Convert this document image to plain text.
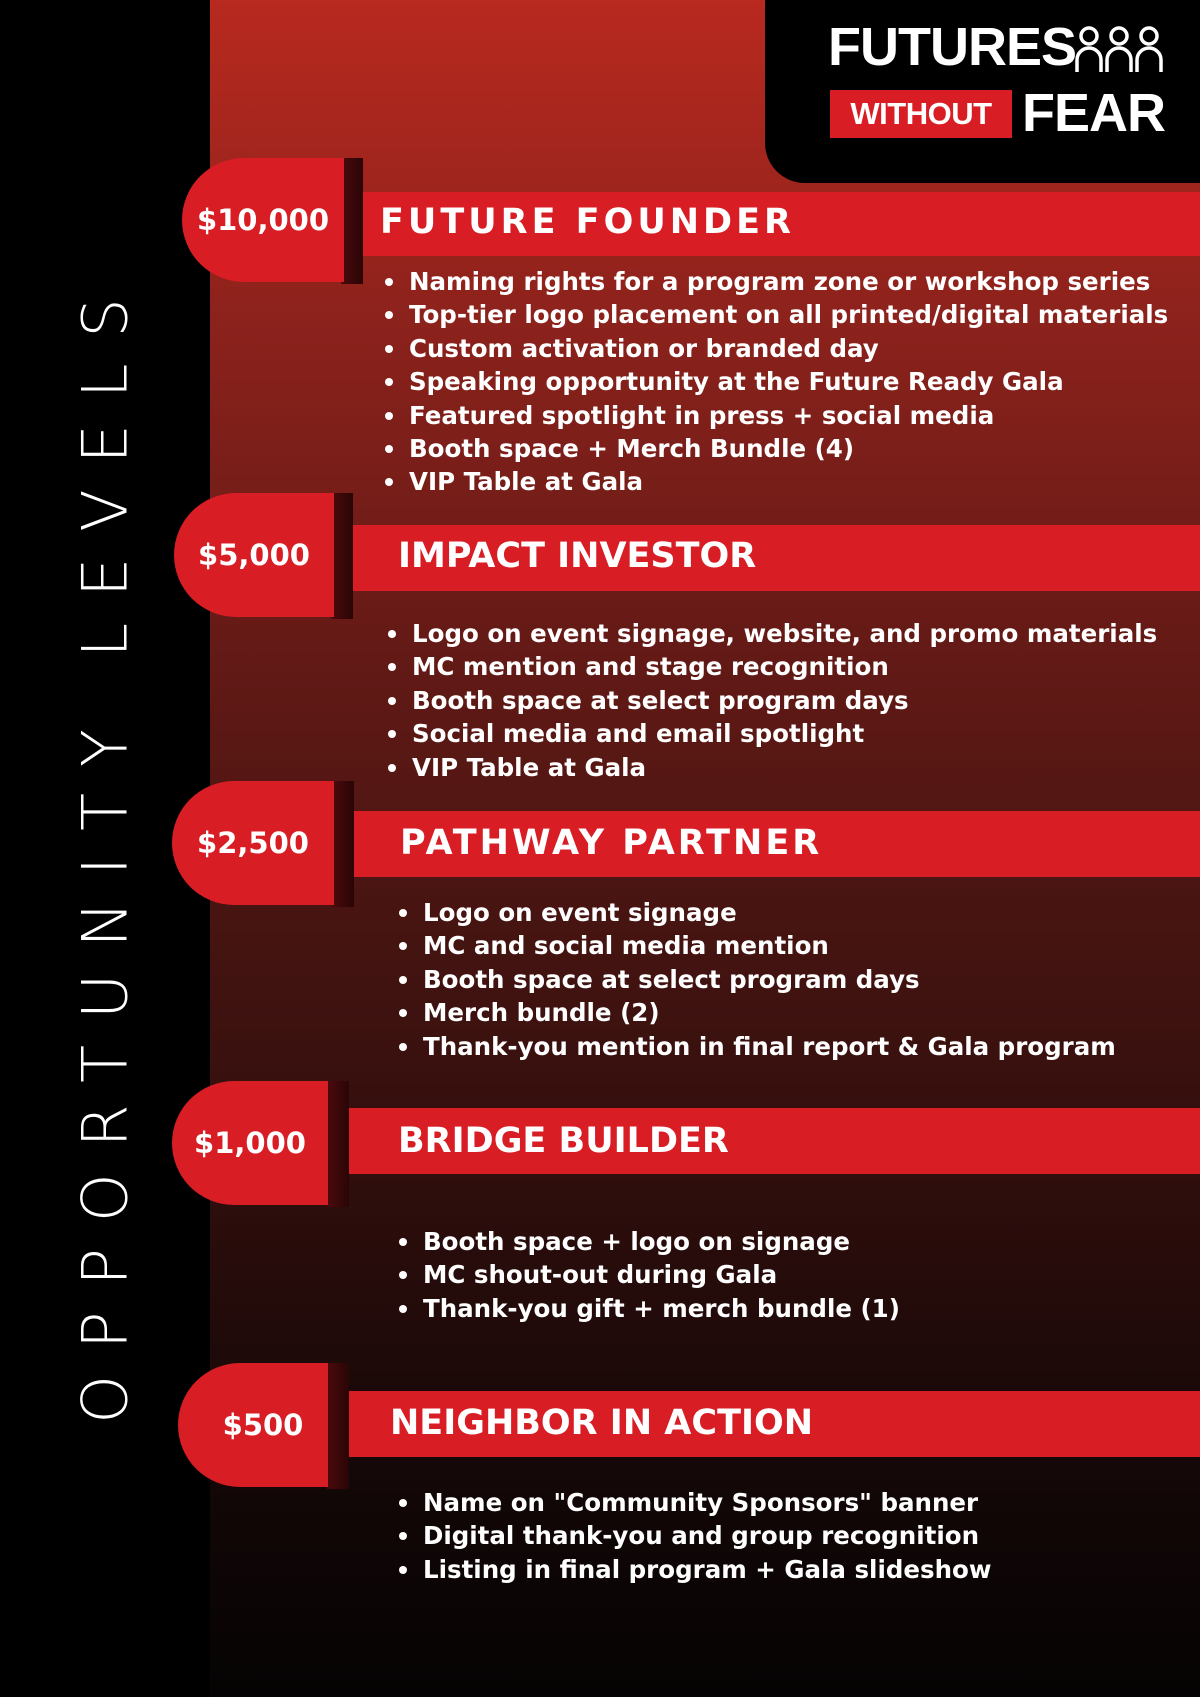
OPPORTUNITY LEVELS
FUTURES
WITHOUT FEAR
$10,000	FUTURE FOUNDER
Naming rights for a program zone or workshop series
Top-tier logo placement on all printed/digital materials
Custom activation or branded day
Speaking opportunity at the Future Ready Gala
Featured spotlight in press + social media
Booth space + Merch Bundle (4)
VIP Table at Gala
$5,000	IMPACT INVESTOR
Logo on event signage, website, and promo materials
MC mention and stage recognition
Booth space at select program days
Social media and email spotlight
VIP Table at Gala
$2,500	PATHWAY PARTNER
Logo on event signage
MC and social media mention
Booth space at select program days
Merch bundle (2)
Thank-you mention in final report & Gala program
$1,000	BRIDGE BUILDER
Booth space + logo on signage
MC shout-out during Gala
Thank-you gift + merch bundle (1)
$500	NEIGHBOR IN ACTION
Name on "Community Sponsors" banner
Digital thank-you and group recognition
Listing in final program + Gala slideshow
